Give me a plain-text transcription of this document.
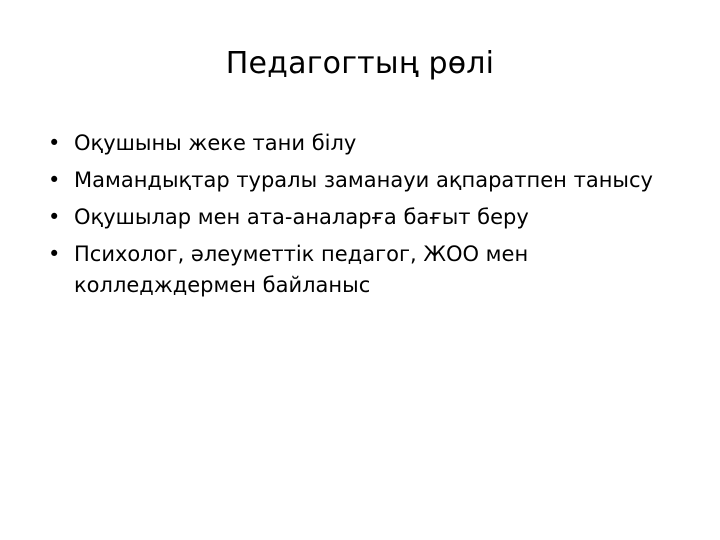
Педагогтың рөлі
• Оқушыны жеке тани білу
• Мамандықтар туралы заманауи ақпаратпен танысу
• Оқушылар мен ата-аналарға бағыт беру
• Психолог, әлеуметтік педагог, ЖОО мен колледждермен байланыс
